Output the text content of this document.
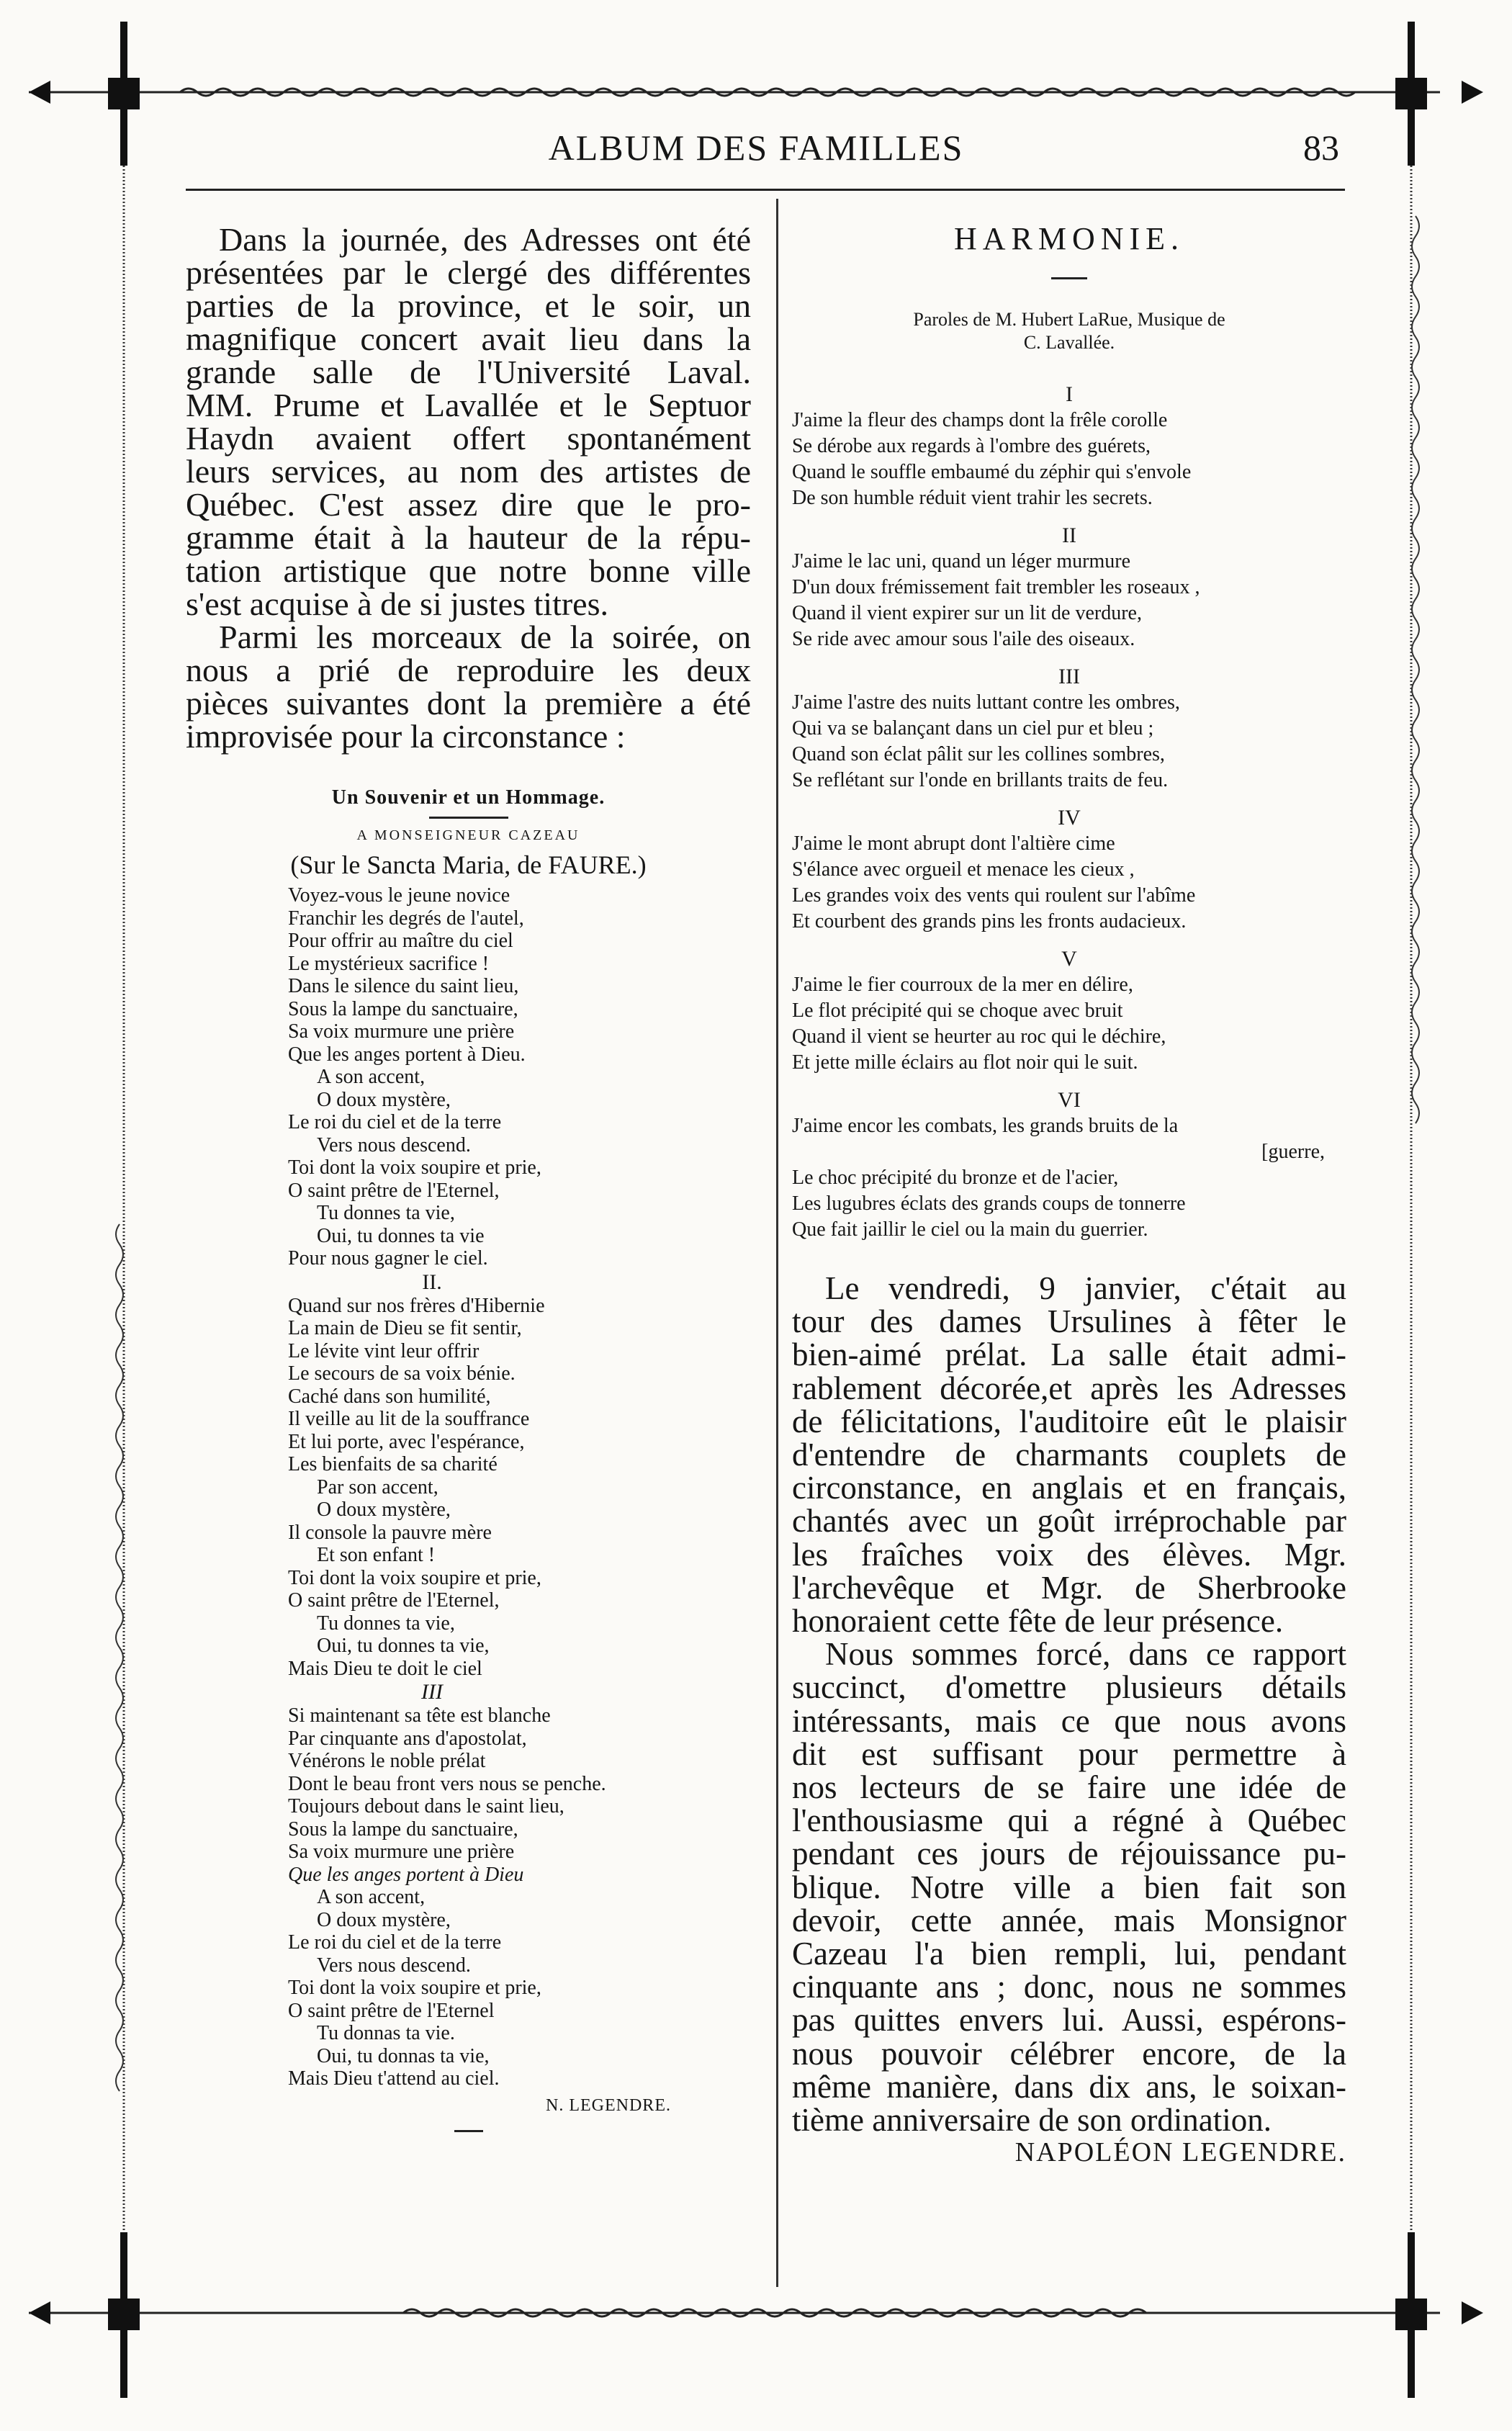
ALBUM DES FAMILLES	83
Dans la journée, des Adresses ont été
présentées par le clergé des différentes
parties de la province, et le soir, un
magnifique concert avait lieu dans la
grande salle de l'Université Laval.
MM. Prume et Lavallée et le Septuor
Haydn avaient offert spontanément
leurs services, au nom des artistes de
Québec. C'est assez dire que le pro-
gramme était à la hauteur de la répu-
tation artistique que notre bonne ville
s'est acquise à de si justes titres.
Parmi les morceaux de la soirée, on
nous a prié de reproduire les deux
pièces suivantes dont la première a été
improvisée pour la circonstance :
Un Souvenir et un Hommage.
A MONSEIGNEUR CAZEAU
(Sur le Sancta Maria, de FAURE.)
Voyez-vous le jeune novice
Franchir les degrés de l'autel,
Pour offrir au maître du ciel
Le mystérieux sacrifice !
Dans le silence du saint lieu,
Sous la lampe du sanctuaire,
Sa voix murmure une prière
Que les anges portent à Dieu.
A son accent,
O doux mystère,
Le roi du ciel et de la terre
Vers nous descend.
Toi dont la voix soupire et prie,
O saint prêtre de l'Eternel,
Tu donnes ta vie,
Oui, tu donnes ta vie
Pour nous gagner le ciel.
II.
Quand sur nos frères d'Hibernie
La main de Dieu se fit sentir,
Le lévite vint leur offrir
Le secours de sa voix bénie.
Caché dans son humilité,
Il veille au lit de la souffrance
Et lui porte, avec l'espérance,
Les bienfaits de sa charité
Par son accent,
O doux mystère,
Il console la pauvre mère
Et son enfant !
Toi dont la voix soupire et prie,
O saint prêtre de l'Eternel,
Tu donnes ta vie,
Oui, tu donnes ta vie,
Mais Dieu te doit le ciel
III
Si maintenant sa tête est blanche
Par cinquante ans d'apostolat,
Vénérons le noble prélat
Dont le beau front vers nous se penche.
Toujours debout dans le saint lieu,
Sous la lampe du sanctuaire,
Sa voix murmure une prière
Que les anges portent à Dieu
A son accent,
O doux mystère,
Le roi du ciel et de la terre
Vers nous descend.
Toi dont la voix soupire et prie,
O saint prêtre de l'Eternel
Tu donnas ta vie.
Oui, tu donnas ta vie,
Mais Dieu t'attend au ciel.
N. LEGENDRE.
HARMONIE.
Paroles de M. Hubert LaRue, Musique de
C. Lavallée.
I
J'aime la fleur des champs dont la frêle corolle
Se dérobe aux regards à l'ombre des guérets,
Quand le souffle embaumé du zéphir qui s'envole
De son humble réduit vient trahir les secrets.
II
J'aime le lac uni, quand un léger murmure
D'un doux frémissement fait trembler les roseaux ,
Quand il vient expirer sur un lit de verdure,
Se ride avec amour sous l'aile des oiseaux.
III
J'aime l'astre des nuits luttant contre les ombres,
Qui va se balançant dans un ciel pur et bleu ;
Quand son éclat pâlit sur les collines sombres,
Se reflétant sur l'onde en brillants traits de feu.
IV
J'aime le mont abrupt dont l'altière cime
S'élance avec orgueil et menace les cieux ,
Les grandes voix des vents qui roulent sur l'abîme
Et courbent des grands pins les fronts audacieux.
V
J'aime le fier courroux de la mer en délire,
Le flot précipité qui se choque avec bruit
Quand il vient se heurter au roc qui le déchire,
Et jette mille éclairs au flot noir qui le suit.
VI
J'aime encor les combats, les grands bruits de la
[guerre,
Le choc précipité du bronze et de l'acier,
Les lugubres éclats des grands coups de tonnerre
Que fait jaillir le ciel ou la main du guerrier.
Le vendredi, 9 janvier, c'était au
tour des dames Ursulines à fêter le
bien-aimé prélat. La salle était admi-
rablement décorée,et après les Adresses
de félicitations, l'auditoire eût le plaisir
d'entendre de charmants couplets de
circonstance, en anglais et en français,
chantés avec un goût irréprochable par
les fraîches voix des élèves. Mgr.
l'archevêque et Mgr. de Sherbrooke
honoraient cette fête de leur présence.
Nous sommes forcé, dans ce rapport
succinct, d'omettre plusieurs détails
intéressants, mais ce que nous avons
dit est suffisant pour permettre à
nos lecteurs de se faire une idée de
l'enthousiasme qui a régné à Québec
pendant ces jours de réjouissance pu-
blique. Notre ville a bien fait son
devoir, cette année, mais Monsignor
Cazeau l'a bien rempli, lui, pendant
cinquante ans ; donc, nous ne sommes
pas quittes envers lui. Aussi, espérons-
nous pouvoir célébrer encore, de la
même manière, dans dix ans, le soixan-
tième anniversaire de son ordination.
NAPOLÉON LEGENDRE.
